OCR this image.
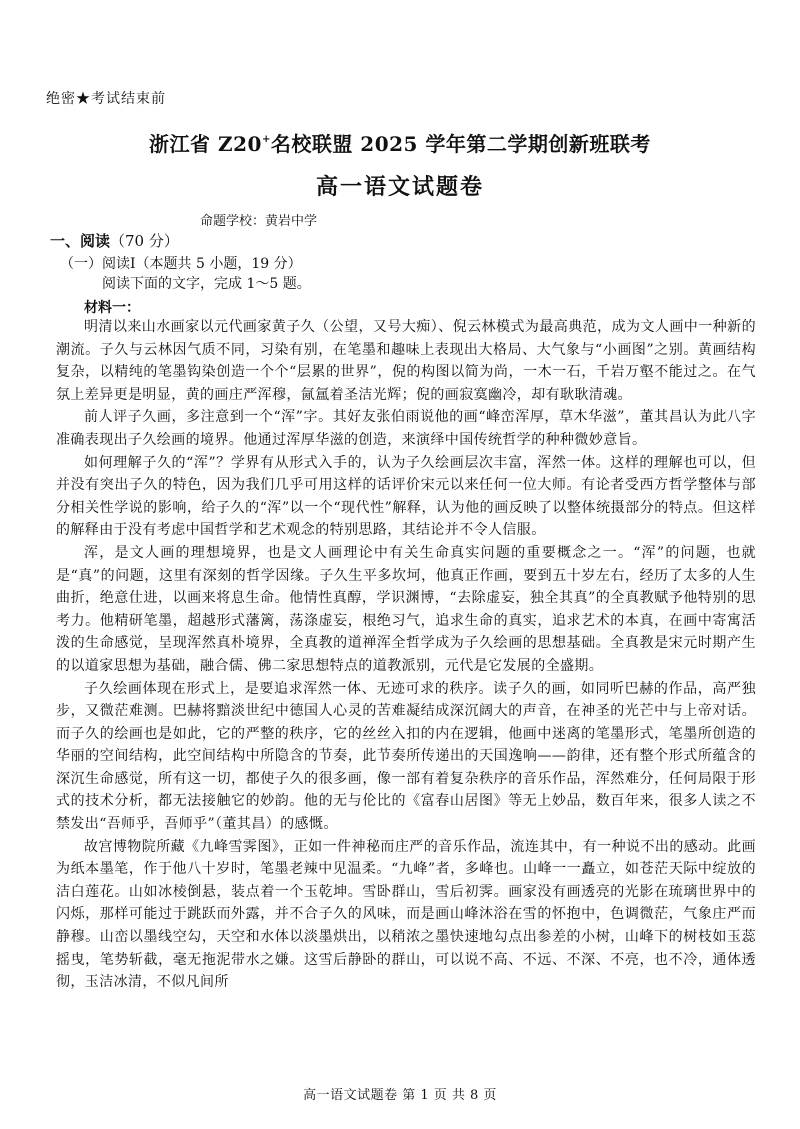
绝密★考试结束前
浙江省 Z20+名校联盟 2025 学年第二学期创新班联考
高一语文试题卷
命题学校：黄岩中学
一、阅读（70 分）
（一）阅读Ⅰ（本题共 5 小题，19 分）
阅读下面的文字，完成 1～5 题。
材料一：

明清以来山水画家以元代画家黄子久（公望，又号大痴）、倪云林模式为最高典范，成为文人画中一种新的潮流。子久与云林因气质不同，习染有别，在笔墨和趣味上表现出大格局、大气象与“小画图”之别。黄画结构复杂，以精纯的笔墨钩染创造一个个“层累的世界”，倪的构图以简为尚，一木一石，千岩万壑不能过之。在气氛上差异更是明显，黄的画庄严浑穆，氤氲着圣洁光辉；倪的画寂寞幽冷，却有耿耿清魂。

前人评子久画，多注意到一个“浑”字。其好友张伯雨说他的画“峰峦浑厚，草木华滋”，董其昌认为此八字准确表现出子久绘画的境界。他通过浑厚华滋的创造，来演绎中国传统哲学的种种微妙意旨。

如何理解子久的“浑”？学界有从形式入手的，认为子久绘画层次丰富，浑然一体。这样的理解也可以，但并没有突出子久的特色，因为我们几乎可用这样的话评价宋元以来任何一位大师。有论者受西方哲学整体与部分相关性学说的影响，给子久的“浑”以一个“现代性”解释，认为他的画反映了以整体统摄部分的特点。但这样的解释由于没有考虑中国哲学和艺术观念的特别思路，其结论并不令人信服。

浑，是文人画的理想境界，也是文人画理论中有关生命真实问题的重要概念之一。“浑”的问题，也就是“真”的问题，这里有深刻的哲学因缘。子久生平多坎坷，他真正作画，要到五十岁左右，经历了太多的人生曲折，绝意仕进，以画来将息生命。他情性真醇，学识渊博，“去除虚妄，独全其真”的全真教赋予他特别的思考力。他精研笔墨，超越形式藩篱，荡涤虚妄，根绝习气，追求生命的真实，追求艺术的本真，在画中寄寓活泼的生命感觉，呈现浑然真朴境界，全真教的道禅浑全哲学成为子久绘画的思想基础。全真教是宋元时期产生的以道家思想为基础，融合儒、佛二家思想特点的道教派别，元代是它发展的全盛期。

子久绘画体现在形式上，是要追求浑然一体、无迹可求的秩序。读子久的画，如同听巴赫的作品，高严独步，又微茫难测。巴赫将黯淡世纪中德国人心灵的苦难凝结成深沉阔大的声音，在神圣的光芒中与上帝对话。而子久的绘画也是如此，它的严整的秩序，它的丝丝入扣的内在逻辑，他画中迷离的笔墨形式，笔墨所创造的华丽的空间结构，此空间结构中所隐含的节奏，此节奏所传递出的天国逸响——韵律，还有整个形式所蕴含的深沉生命感觉，所有这一切，都使子久的很多画，像一部有着复杂秩序的音乐作品，浑然难分，任何局限于形式的技术分析，都无法接触它的妙韵。他的无与伦比的《富春山居图》等无上妙品，数百年来，很多人读之不禁发出“吾师乎，吾师乎”（董其昌）的感慨。

故宫博物院所藏《九峰雪霁图》，正如一件神秘而庄严的音乐作品，流连其中，有一种说不出的感动。此画为纸本墨笔，作于他八十岁时，笔墨老辣中见温柔。“九峰”者，多峰也。山峰一一矗立，如苍茫天际中绽放的洁白莲花。山如冰棱倒悬，装点着一个玉乾坤。雪卧群山，雪后初霁。画家没有画透亮的光影在琉璃世界中的闪烁，那样可能过于跳跃而外露，并不合子久的风味，而是画山峰沐浴在雪的怀抱中，色调微茫，气象庄严而静穆。山峦以墨线空勾，天空和水体以淡墨烘出，以稍浓之墨快速地勾点出参差的小树，山峰下的树枝如玉蕊摇曳，笔势斩截，毫无拖泥带水之嫌。这雪后静卧的群山，可以说不高、不远、不深、不亮，也不冷，通体透彻，玉洁冰清，不似凡间所

高一语文试题卷 第 1 页 共 8 页
